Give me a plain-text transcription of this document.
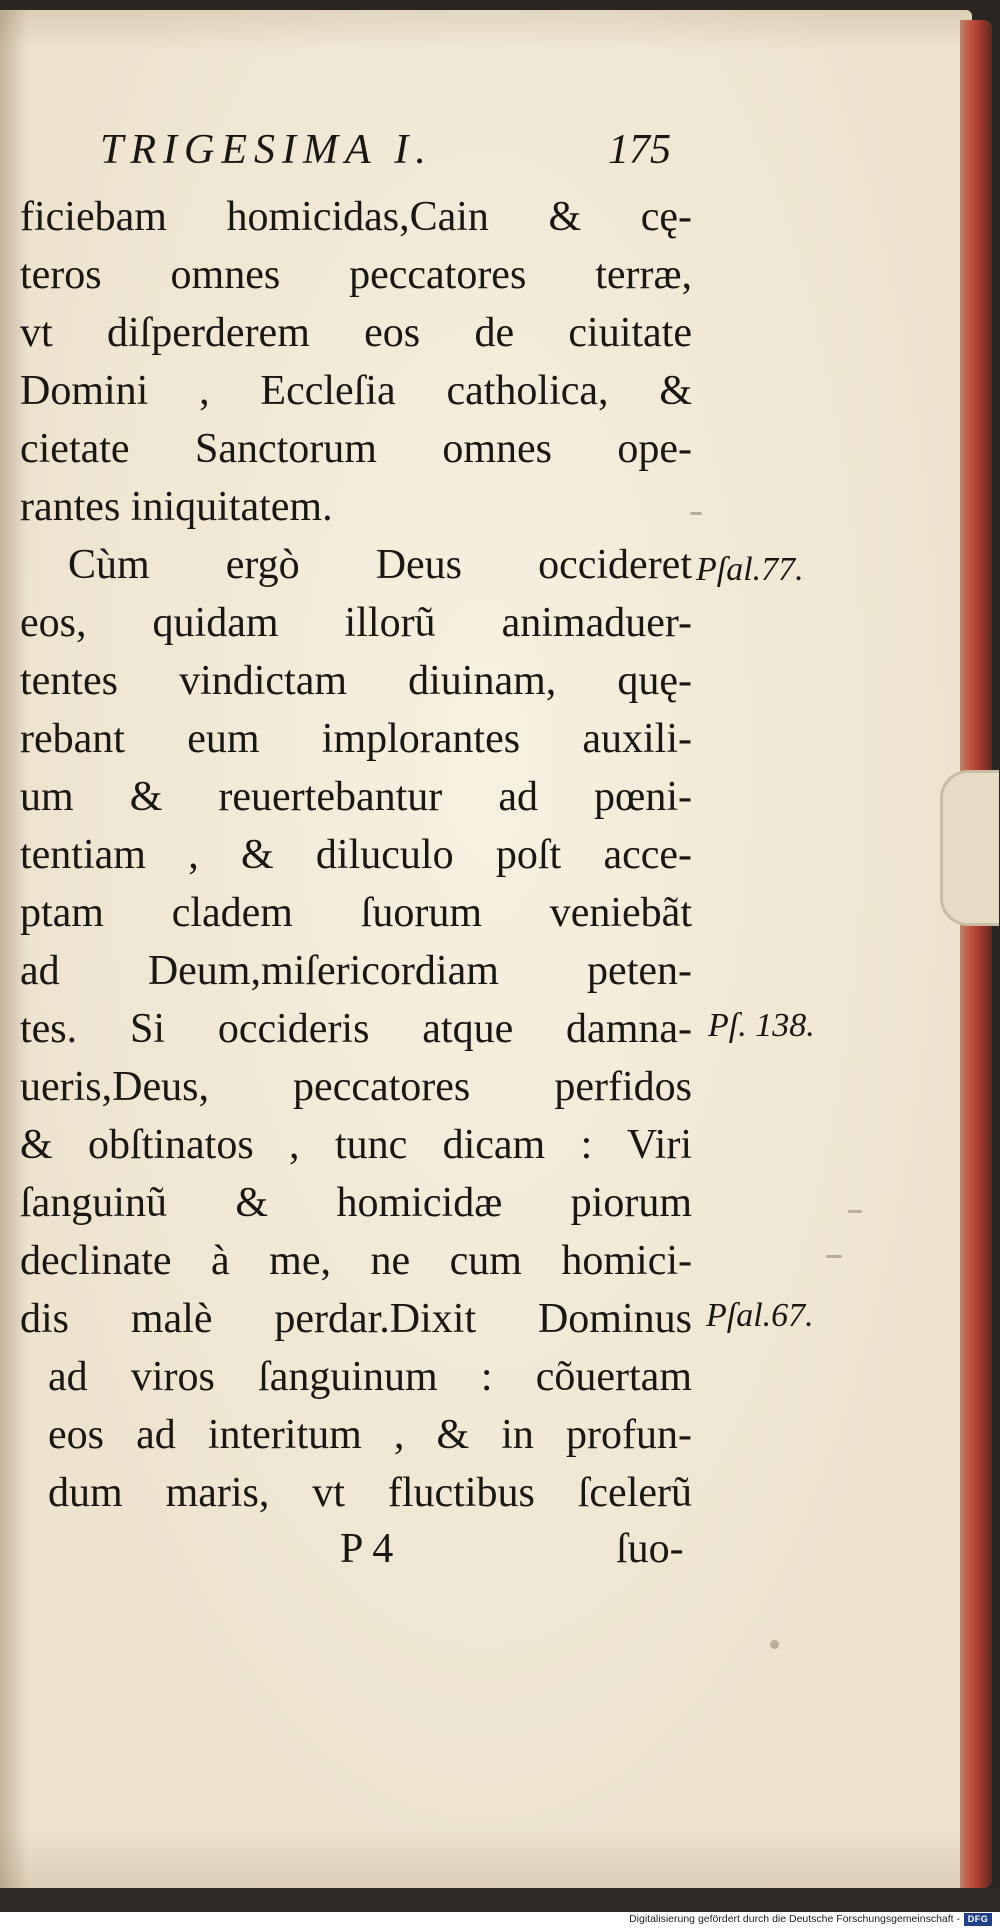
TRIGESIMA I.	175
ficiebam homicidas,Cain & cę-
teros omnes peccatores terræ,
vt diſperderem eos de ciuitate
Domini , Eccleſia catholica, &
cietate Sanctorum omnes ope-
rantes iniquitatem.
Cùm ergò Deus occideret
eos, quidam illorũ animaduer-
tentes vindictam diuinam, quę-
rebant eum implorantes auxili-
um & reuertebantur ad pœni-
tentiam , & diluculo poſt acce-
ptam cladem ſuorum veniebãt
ad Deum,miſericordiam peten-
tes. Si occideris atque damna-
ueris,Deus, peccatores perfidos
& obſtinatos , tunc dicam : Viri
ſanguinũ & homicidæ piorum
declinate à me, ne cum homici-
dis malè perdar.Dixit Dominus
ad viros ſanguinum : cõuertam
eos ad interitum , & in profun-
dum maris, vt fluctibus ſcelerũ
Pſal.77.
Pſ. 138.
Pſal.67.
P 4	ſuo-
Digitalisierung gefördert durch die Deutsche Forschungsgemeinschaft - DFG
